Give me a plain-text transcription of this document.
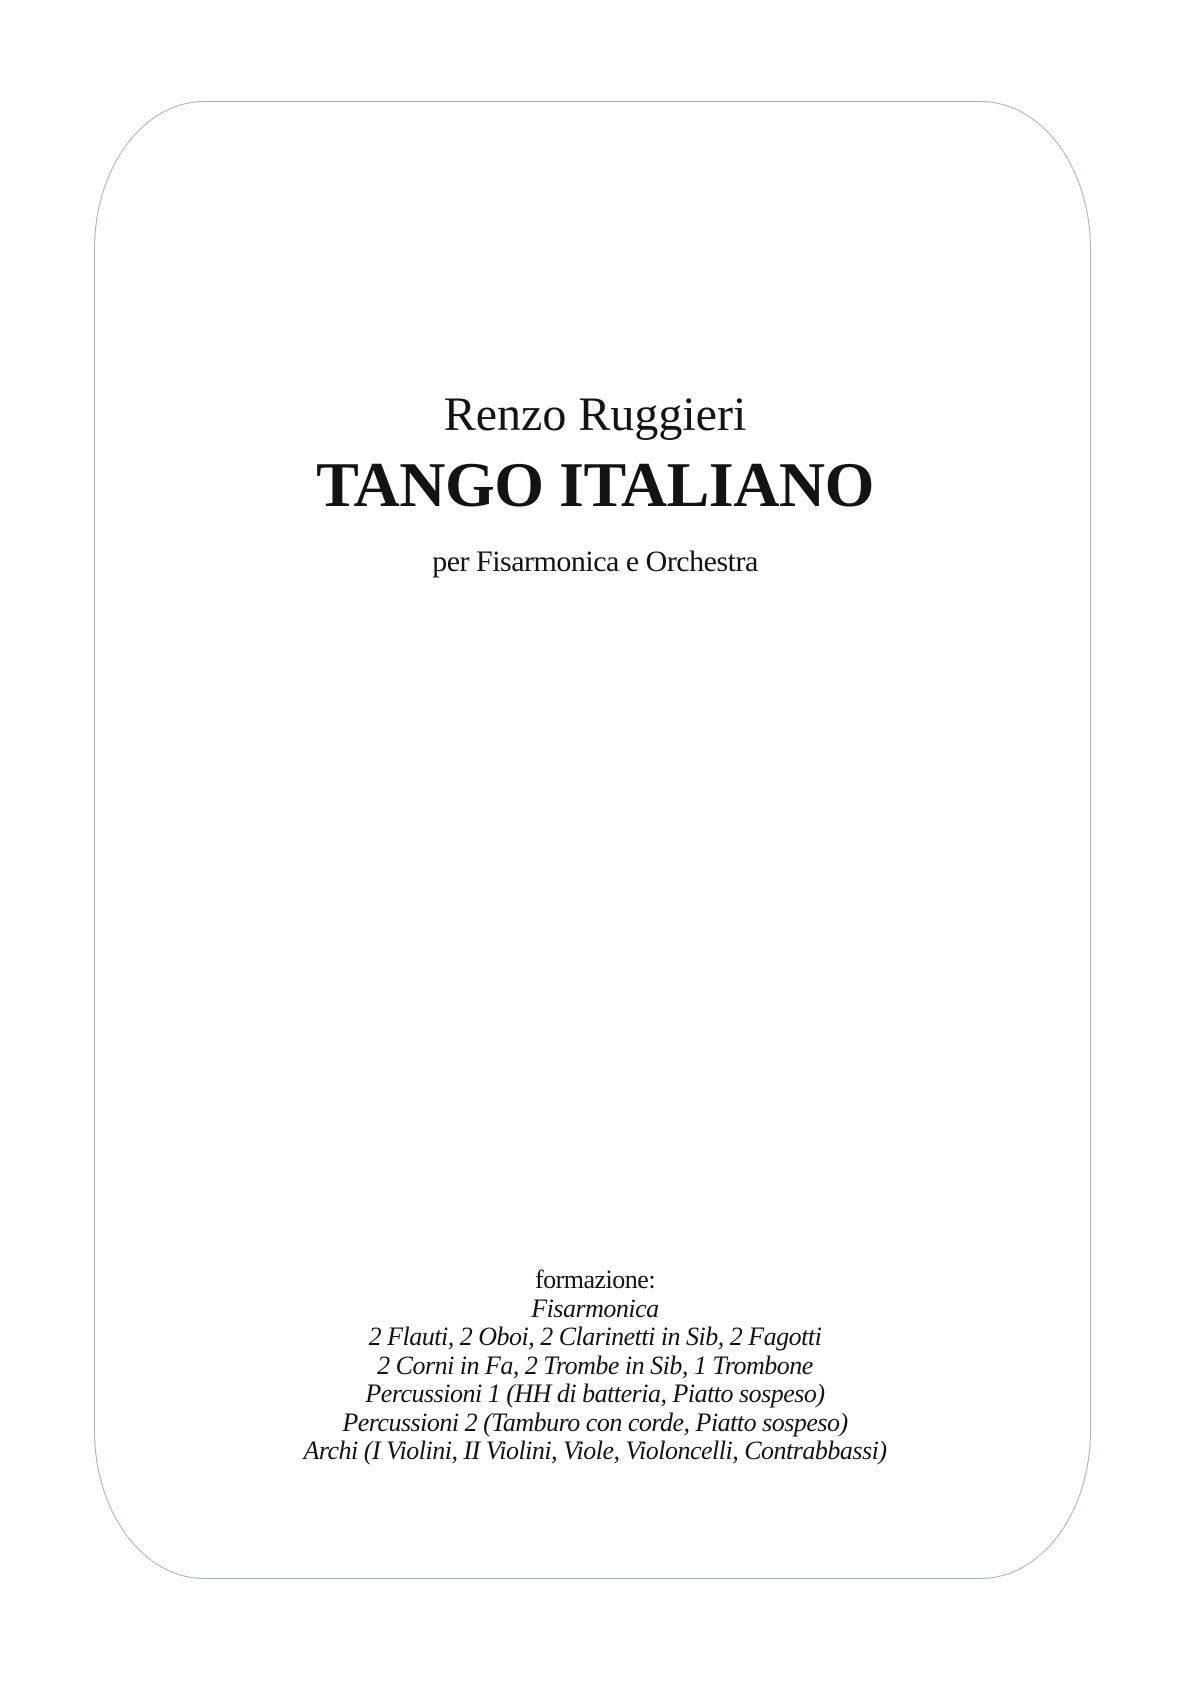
Renzo Ruggieri
TANGO ITALIANO
per Fisarmonica e Orchestra
formazione:
Fisarmonica
2 Flauti, 2 Oboi, 2 Clarinetti in Sib, 2 Fagotti
2 Corni in Fa, 2 Trombe in Sib, 1 Trombone
Percussioni 1 (HH di batteria, Piatto sospeso)
Percussioni 2 (Tamburo con corde, Piatto sospeso)
Archi (I Violini, II Violini, Viole, Violoncelli, Contrabbassi)
